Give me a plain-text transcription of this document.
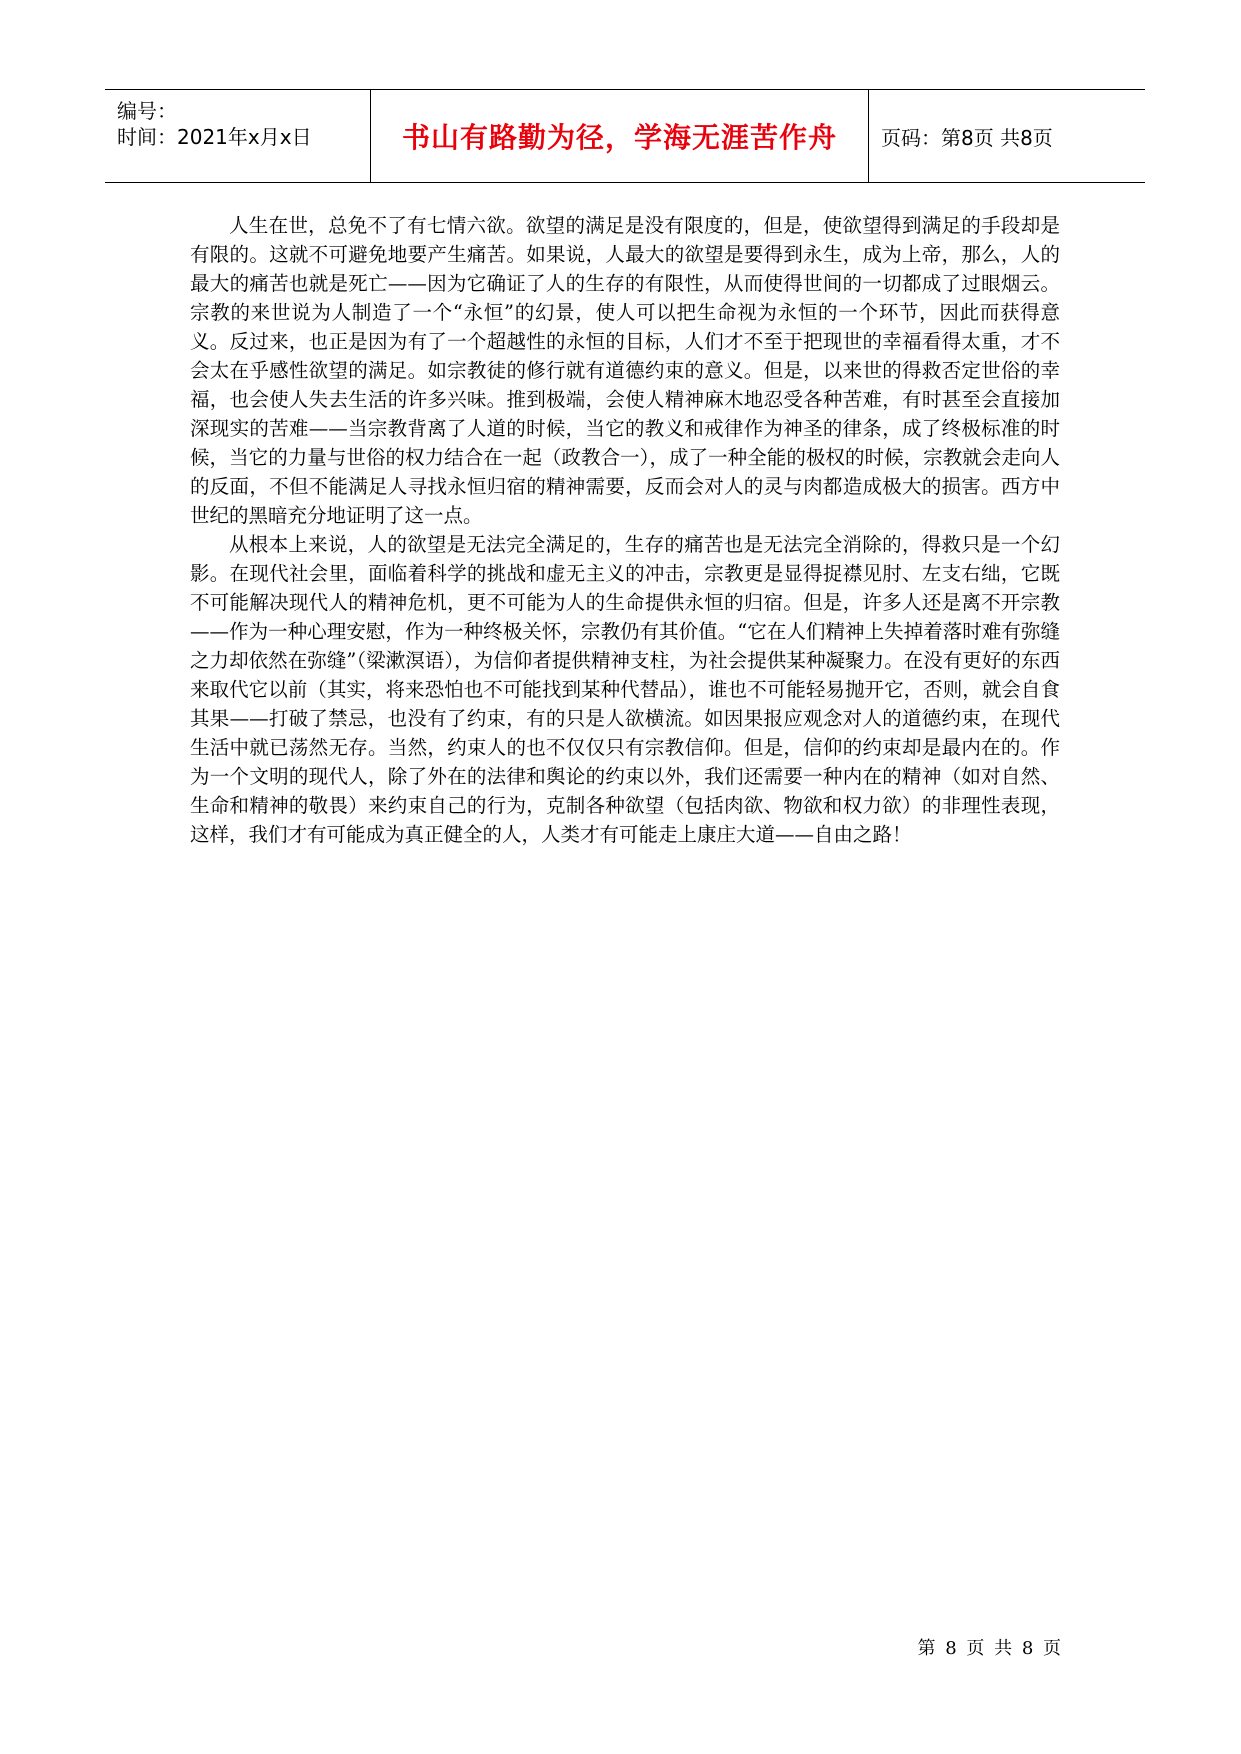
编号：
时间：2021年x月x日	书山有路勤为径，学海无涯苦作舟 页码：第8页 共8页

人生在世，总免不了有七情六欲。欲望的满足是没有限度的，但是，使欲望得到满足的手段却是有限的。这就不可避免地要产生痛苦。如果说，人最大的欲望是要得到永生，成为上帝，那么，人的最大的痛苦也就是死亡——因为它确证了人的生存的有限性，从而使得世间的一切都成了过眼烟云。宗教的来世说为人制造了一个“永恒”的幻景，使人可以把生命视为永恒的一个环节，因此而获得意义。反过来，也正是因为有了一个超越性的永恒的目标，人们才不至于把现世的幸福看得太重，才不会太在乎感性欲望的满足。如宗教徒的修行就有道德约束的意义。但是，以来世的得救否定世俗的幸福，也会使人失去生活的许多兴味。推到极端，会使人精神麻木地忍受各种苦难，有时甚至会直接加深现实的苦难——当宗教背离了人道的时候，当它的教义和戒律作为神圣的律条，成了终极标准的时候，当它的力量与世俗的权力结合在一起（政教合一），成了一种全能的极权的时候，宗教就会走向人的反面，不但不能满足人寻找永恒归宿的精神需要，反而会对人的灵与肉都造成极大的损害。西方中世纪的黑暗充分地证明了这一点。

从根本上来说，人的欲望是无法完全满足的，生存的痛苦也是无法完全消除的，得救只是一个幻影。在现代社会里，面临着科学的挑战和虚无主义的冲击，宗教更是显得捉襟见肘、左支右绌，它既不可能解决现代人的精神危机，更不可能为人的生命提供永恒的归宿。但是，许多人还是离不开宗教——作为一种心理安慰，作为一种终极关怀，宗教仍有其价值。“它在人们精神上失掉着落时难有弥缝之力却依然在弥缝”（梁漱溟语），为信仰者提供精神支柱，为社会提供某种凝聚力。在没有更好的东西来取代它以前（其实，将来恐怕也不可能找到某种代替品），谁也不可能轻易抛开它，否则，就会自食其果——打破了禁忌，也没有了约束，有的只是人欲横流。如因果报应观念对人的道德约束，在现代生活中就已荡然无存。当然，约束人的也不仅仅只有宗教信仰。但是，信仰的约束却是最内在的。作为一个文明的现代人，除了外在的法律和舆论的约束以外，我们还需要一种内在的精神（如对自然、生命和精神的敬畏）来约束自己的行为，克制各种欲望（包括肉欲、物欲和权力欲）的非理性表现，这样，我们才有可能成为真正健全的人，人类才有可能走上康庄大道——自由之路！

第 8 页 共 8 页
